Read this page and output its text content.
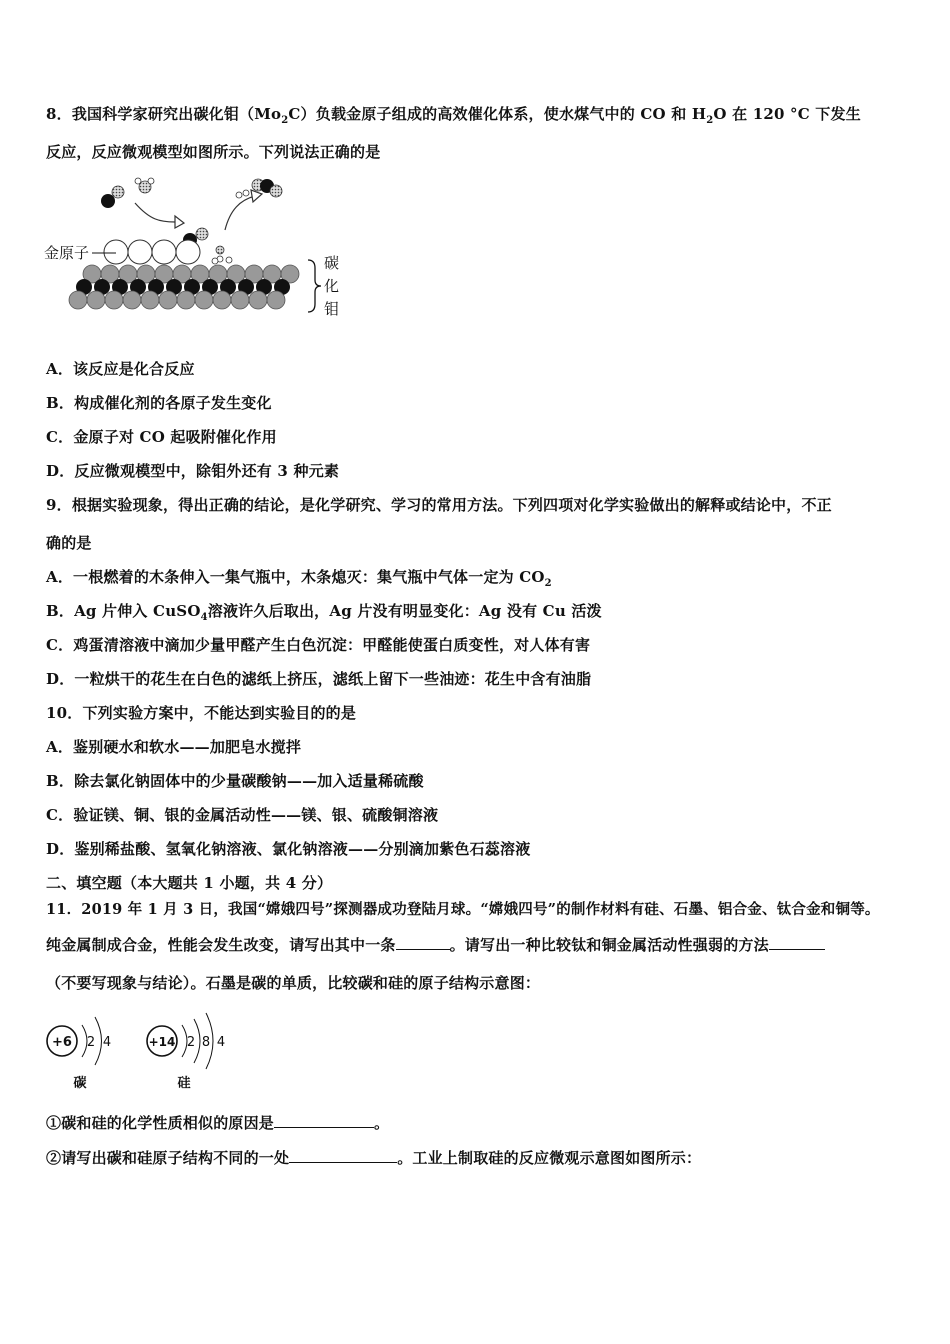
8．我国科学家研究出碳化钼$(Mo_2C)$负载金原子组成的高效催化体系，使水煤气中的 CO 和 $H_2O$ 在 120 °C 下发生
反应，反应微观模型如图所示。下列说法正确的是
金原子
碳
化
钼
A．该反应是化合反应
B．构成催化剂的各原子发生变化
C．金原子对 CO 起吸附催化作用
D．反应微观模型中，除钼外还有 3 种元素
9．根据实验现象，得出正确的结论，是化学研究、学习的常用方法。下列四项对化学实验做出的解释或结论中，不正
确的是
A．一根燃着的木条伸入一集气瓶中，木条熄灭：集气瓶中气体一定为 $CO_2$
B．Ag 片伸入 CuSO$_4$溶液许久后取出，Ag 片没有明显变化：Ag 没有 Cu 活泼
C．鸡蛋清溶液中滴加少量甲醛产生白色沉淀：甲醛能使蛋白质变性，对人体有害
D．一粒烘干的花生在白色的滤纸上挤压，滤纸上留下一些油迹：花生中含有油脂
10．下列实验方案中，不能达到实验目的的是
A．鉴别硬水和软水——加肥皂水搅拌
B．除去氯化钠固体中的少量碳酸钠——加入适量稀硫酸
C．验证镁、铜、银的金属活动性——镁、银、硫酸铜溶液
D．鉴别稀盐酸、氢氧化钠溶液、氯化钠溶液——分别滴加紫色石蕊溶液
二、填空题（本大题共 1 小题，共 4 分）
11．2019 年 1 月 3 日，我国“嫦娥四号”探测器成功登陆月球。“嫦娥四号”的制作材料有硅、石墨、铝合金、钛合金和铜等。
纯金属制成合金，性能会发生改变，请写出其中一条	。请写出一种比较钛和铜金属活动性强弱的方法
（不要写现象与结论）。石墨是碳的单质，比较碳和硅的原子结构示意图：
+6 2 4
碳
+14 2 8 4
硅
①碳和硅的化学性质相似的原因是	。
②请写出碳和硅原子结构不同的一处	。工业上制取硅的反应微观示意图如图所示：
